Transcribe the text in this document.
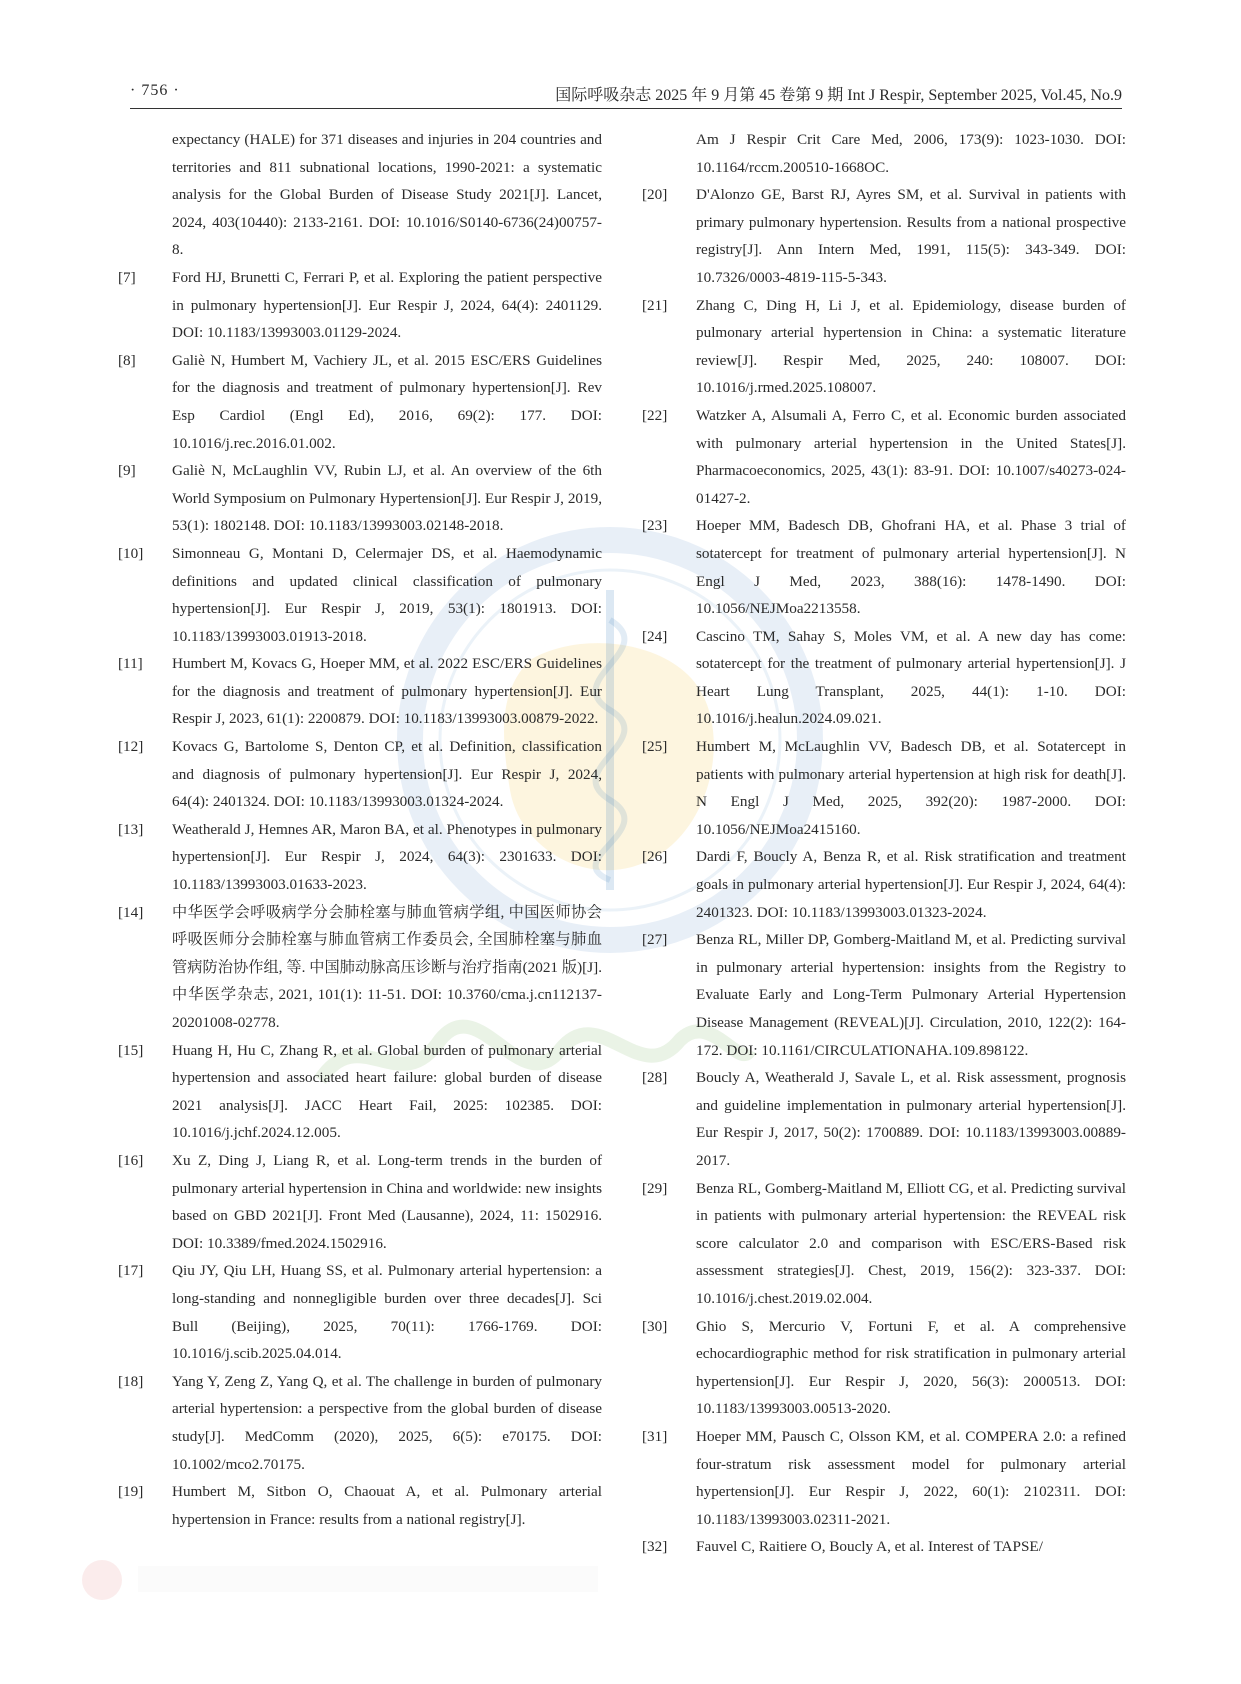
· 756 ·	国际呼吸杂志 2025 年 9 月第 45 卷第 9 期 Int J Respir, September 2025, Vol.45, No.9
expectancy (HALE) for 371 diseases and injuries in 204 countries and territories and 811 subnational locations, 1990-2021: a systematic analysis for the Global Burden of Disease Study 2021[J]. Lancet, 2024, 403(10440): 2133-2161. DOI: 10.1016/S0140-6736(24)00757-8.
[7]	Ford HJ, Brunetti C, Ferrari P, et al. Exploring the patient perspective in pulmonary hypertension[J]. Eur Respir J, 2024, 64(4): 2401129. DOI: 10.1183/13993003.01129-2024.
[8]	Galiè N, Humbert M, Vachiery JL, et al. 2015 ESC/ERS Guidelines for the diagnosis and treatment of pulmonary hypertension[J]. Rev Esp Cardiol (Engl Ed), 2016, 69(2): 177. DOI: 10.1016/j.rec.2016.01.002.
[9]	Galiè N, McLaughlin VV, Rubin LJ, et al. An overview of the 6th World Symposium on Pulmonary Hypertension[J]. Eur Respir J, 2019, 53(1): 1802148. DOI: 10.1183/13993003.02148-2018.
[10]	Simonneau G, Montani D, Celermajer DS, et al. Haemodynamic definitions and updated clinical classification of pulmonary hypertension[J]. Eur Respir J, 2019, 53(1): 1801913. DOI: 10.1183/13993003.01913-2018.
[11]	Humbert M, Kovacs G, Hoeper MM, et al. 2022 ESC/ERS Guidelines for the diagnosis and treatment of pulmonary hypertension[J]. Eur Respir J, 2023, 61(1): 2200879. DOI: 10.1183/13993003.00879-2022.
[12]	Kovacs G, Bartolome S, Denton CP, et al. Definition, classification and diagnosis of pulmonary hypertension[J]. Eur Respir J, 2024, 64(4): 2401324. DOI: 10.1183/13993003.01324-2024.
[13]	Weatherald J, Hemnes AR, Maron BA, et al. Phenotypes in pulmonary hypertension[J]. Eur Respir J, 2024, 64(3): 2301633. DOI: 10.1183/13993003.01633-2023.
[14]	中华医学会呼吸病学分会肺栓塞与肺血管病学组, 中国医师协会呼吸医师分会肺栓塞与肺血管病工作委员会, 全国肺栓塞与肺血管病防治协作组, 等. 中国肺动脉高压诊断与治疗指南(2021 版)[J]. 中华医学杂志, 2021, 101(1): 11-51. DOI: 10.3760/cma.j.cn112137-20201008-02778.
[15]	Huang H, Hu C, Zhang R, et al. Global burden of pulmonary arterial hypertension and associated heart failure: global burden of disease 2021 analysis[J]. JACC Heart Fail, 2025: 102385. DOI: 10.1016/j.jchf.2024.12.005.
[16]	Xu Z, Ding J, Liang R, et al. Long-term trends in the burden of pulmonary arterial hypertension in China and worldwide: new insights based on GBD 2021[J]. Front Med (Lausanne), 2024, 11: 1502916. DOI: 10.3389/fmed.2024.1502916.
[17]	Qiu JY, Qiu LH, Huang SS, et al. Pulmonary arterial hypertension: a long-standing and nonnegligible burden over three decades[J]. Sci Bull (Beijing), 2025, 70(11): 1766-1769. DOI: 10.1016/j.scib.2025.04.014.
[18]	Yang Y, Zeng Z, Yang Q, et al. The challenge in burden of pulmonary arterial hypertension: a perspective from the global burden of disease study[J]. MedComm (2020), 2025, 6(5): e70175. DOI: 10.1002/mco2.70175.
[19]	Humbert M, Sitbon O, Chaouat A, et al. Pulmonary arterial hypertension in France: results from a national registry[J].
Am J Respir Crit Care Med, 2006, 173(9): 1023-1030. DOI: 10.1164/rccm.200510-1668OC.
[20]	D'Alonzo GE, Barst RJ, Ayres SM, et al. Survival in patients with primary pulmonary hypertension. Results from a national prospective registry[J]. Ann Intern Med, 1991, 115(5): 343-349. DOI: 10.7326/0003-4819-115-5-343.
[21]	Zhang C, Ding H, Li J, et al. Epidemiology, disease burden of pulmonary arterial hypertension in China: a systematic literature review[J]. Respir Med, 2025, 240: 108007. DOI: 10.1016/j.rmed.2025.108007.
[22]	Watzker A, Alsumali A, Ferro C, et al. Economic burden associated with pulmonary arterial hypertension in the United States[J]. Pharmacoeconomics, 2025, 43(1): 83-91. DOI: 10.1007/s40273-024-01427-2.
[23]	Hoeper MM, Badesch DB, Ghofrani HA, et al. Phase 3 trial of sotatercept for treatment of pulmonary arterial hypertension[J]. N Engl J Med, 2023, 388(16): 1478-1490. DOI: 10.1056/NEJMoa2213558.
[24]	Cascino TM, Sahay S, Moles VM, et al. A new day has come: sotatercept for the treatment of pulmonary arterial hypertension[J]. J Heart Lung Transplant, 2025, 44(1): 1-10. DOI: 10.1016/j.healun.2024.09.021.
[25]	Humbert M, McLaughlin VV, Badesch DB, et al. Sotatercept in patients with pulmonary arterial hypertension at high risk for death[J]. N Engl J Med, 2025, 392(20): 1987-2000. DOI: 10.1056/NEJMoa2415160.
[26]	Dardi F, Boucly A, Benza R, et al. Risk stratification and treatment goals in pulmonary arterial hypertension[J]. Eur Respir J, 2024, 64(4): 2401323. DOI: 10.1183/13993003.01323-2024.
[27]	Benza RL, Miller DP, Gomberg-Maitland M, et al. Predicting survival in pulmonary arterial hypertension: insights from the Registry to Evaluate Early and Long-Term Pulmonary Arterial Hypertension Disease Management (REVEAL)[J]. Circulation, 2010, 122(2): 164-172. DOI: 10.1161/CIRCULATIONAHA.109.898122.
[28]	Boucly A, Weatherald J, Savale L, et al. Risk assessment, prognosis and guideline implementation in pulmonary arterial hypertension[J]. Eur Respir J, 2017, 50(2): 1700889. DOI: 10.1183/13993003.00889-2017.
[29]	Benza RL, Gomberg-Maitland M, Elliott CG, et al. Predicting survival in patients with pulmonary arterial hypertension: the REVEAL risk score calculator 2.0 and comparison with ESC/ERS-Based risk assessment strategies[J]. Chest, 2019, 156(2): 323-337. DOI: 10.1016/j.chest.2019.02.004.
[30]	Ghio S, Mercurio V, Fortuni F, et al. A comprehensive echocardiographic method for risk stratification in pulmonary arterial hypertension[J]. Eur Respir J, 2020, 56(3): 2000513. DOI: 10.1183/13993003.00513-2020.
[31]	Hoeper MM, Pausch C, Olsson KM, et al. COMPERA 2.0: a refined four-stratum risk assessment model for pulmonary arterial hypertension[J]. Eur Respir J, 2022, 60(1): 2102311. DOI: 10.1183/13993003.02311-2021.
[32]	Fauvel C, Raitiere O, Boucly A, et al. Interest of TAPSE/
